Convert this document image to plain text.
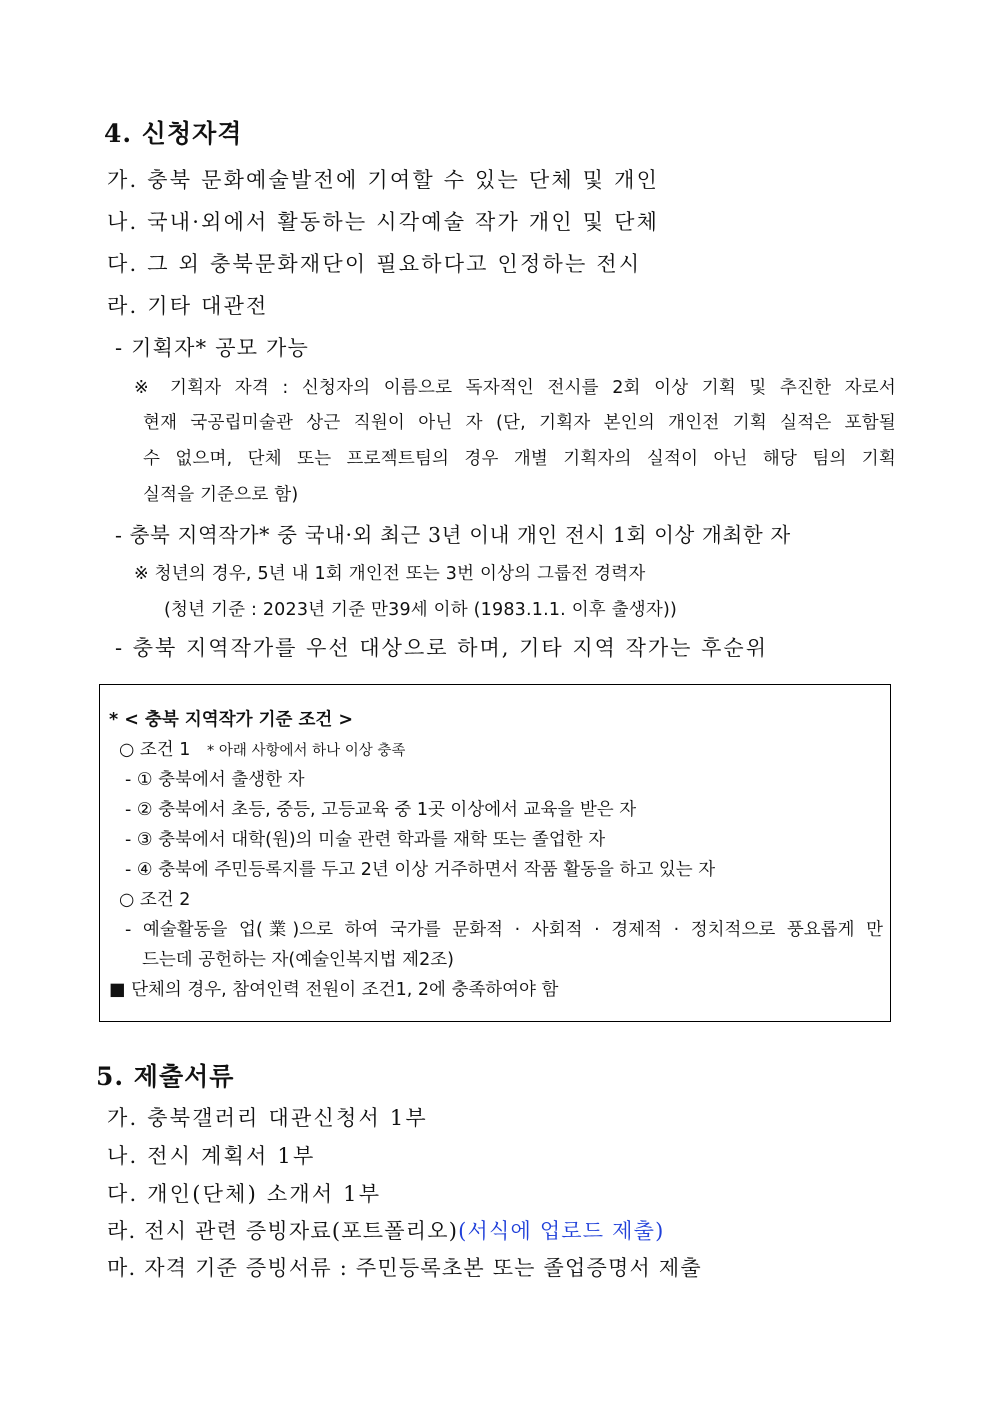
4. 신청자격
가. 충북 문화예술발전에 기여할 수 있는 단체 및 개인
나. 국내·외에서 활동하는 시각예술 작가 개인 및 단체
다. 그 외 충북문화재단이 필요하다고 인정하는 전시
라. 기타 대관전
- 기획자* 공모 가능
※ 기획자 자격 : 신청자의 이름으로 독자적인 전시를 2회 이상 기획 및 추진한 자로서
현재 국공립미술관 상근 직원이 아닌 자 (단, 기획자 본인의 개인전 기획 실적은 포함될
수 없으며, 단체 또는 프로젝트팀의 경우 개별 기획자의 실적이 아닌 해당 팀의 기획
실적을 기준으로 함)
- 충북 지역작가* 중 국내·외 최근 3년 이내 개인 전시 1회 이상 개최한 자
※ 청년의 경우, 5년 내 1회 개인전 또는 3번 이상의 그룹전 경력자
(청년 기준 : 2023년 기준 만39세 이하 (1983.1.1. 이후 출생자))
- 충북 지역작가를 우선 대상으로 하며, 기타 지역 작가는 후순위
* < 충북 지역작가 기준 조건 >
○ 조건 1 * 아래 사항에서 하나 이상 충족
- ① 충북에서 출생한 자
- ② 충북에서 초등, 중등, 고등교육 중 1곳 이상에서 교육을 받은 자
- ③ 충북에서 대학(원)의 미술 관련 학과를 재학 또는 졸업한 자
- ④ 충북에 주민등록지를 두고 2년 이상 거주하면서 작품 활동을 하고 있는 자
○ 조건 2
- 예술활동을 업(業)으로 하여 국가를 문화적 · 사회적 · 경제적 · 정치적으로 풍요롭게 만
드는데 공헌하는 자(예술인복지법 제2조)
■ 단체의 경우, 참여인력 전원이 조건1, 2에 충족하여야 함
5. 제출서류
가. 충북갤러리 대관신청서 1부
나. 전시 계획서 1부
다. 개인(단체) 소개서 1부
라. 전시 관련 증빙자료(포트폴리오)(서식에 업로드 제출)
마. 자격 기준 증빙서류 : 주민등록초본 또는 졸업증명서 제출
